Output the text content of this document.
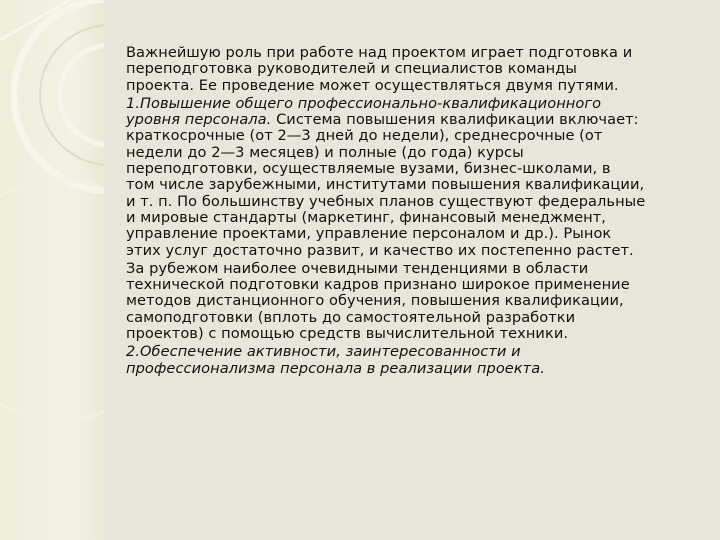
Важнейшую роль при работе над проектом играет подготовка и
переподготовка руководителей и специалистов команды
проекта. Ее проведение может осуществляться двумя путями.
1.Повышение общего профессионально-квалификационного
уровня персонала. Система повышения квалификации включает:
краткосрочные (от 2—3 дней до недели), среднесрочные (от
недели до 2—3 месяцев) и полные (до года) курсы
переподготовки, осуществляемые вузами, бизнес-школами, в
том числе зарубежными, институтами повышения квалификации,
и т. п. По большинству учебных планов существуют федеральные
и мировые стандарты (маркетинг, финансовый менеджмент,
управление проектами, управление персоналом и др.). Рынок
этих услуг достаточно развит, и качество их постепенно растет.
За рубежом наиболее очевидными тенденциями в области
технической подготовки кадров признано широкое применение
методов дистанционного обучения, повышения квалификации,
самоподготовки (вплоть до самостоятельной разработки
проектов) с помощью средств вычислительной техники.
2.Обеспечение активности, заинтересованности и
профессионализма персонала в реализации проекта.
